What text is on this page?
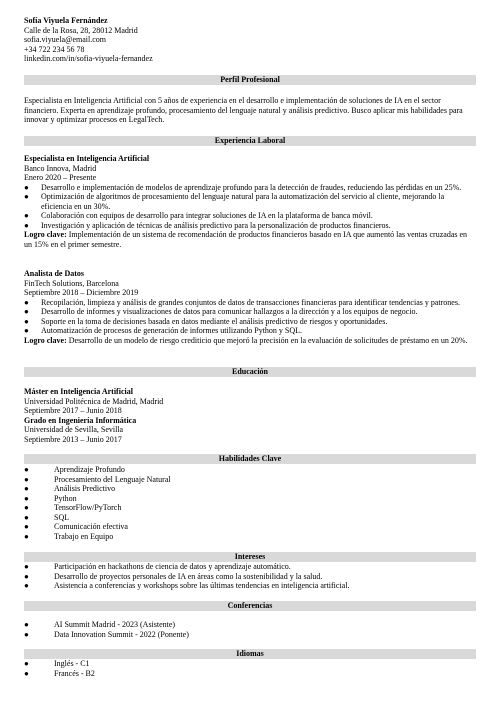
Sofía Viyuela Fernández
Calle de la Rosa, 28, 28012 Madrid
sofia.viyuela@email.com
+34 722 234 56 78
linkedin.com/in/sofia-viyuela-fernandez
Perfil Profesional

Especialista en Inteligencia Artificial con 5 años de experiencia en el desarrollo e implementación de soluciones de IA en el sector financiero. Experta en aprendizaje profundo, procesamiento del lenguaje natural y análisis predictivo. Busco aplicar mis habilidades para innovar y optimizar procesos en LegalTech.

Experiencia Laboral
Especialista en Inteligencia Artificial
Banco Innova, Madrid
Enero 2020 – Presente
● Desarrollo e implementación de modelos de aprendizaje profundo para la detección de fraudes, reduciendo las pérdidas en un 25%.
● Optimización de algoritmos de procesamiento del lenguaje natural para la automatización del servicio al cliente, mejorando la eficiencia en un 30%.
● Colaboración con equipos de desarrollo para integrar soluciones de IA en la plataforma de banca móvil.
● Investigación y aplicación de técnicas de análisis predictivo para la personalización de productos financieros.

Logro clave: Implementación de un sistema de recomendación de productos financieros basado en IA que aumentó las ventas cruzadas en un 15% en el primer semestre.

Analista de Datos
FinTech Solutions, Barcelona
Septiembre 2018 – Diciembre 2019
● Recopilación, limpieza y análisis de grandes conjuntos de datos de transacciones financieras para identificar tendencias y patrones.
● Desarrollo de informes y visualizaciones de datos para comunicar hallazgos a la dirección y a los equipos de negocio.
● Soporte en la toma de decisiones basada en datos mediante el análisis predictivo de riesgos y oportunidades.
● Automatización de procesos de generación de informes utilizando Python y SQL.

Logro clave: Desarrollo de un modelo de riesgo crediticio que mejoró la precisión en la evaluación de solicitudes de préstamo en un 20%.

Educación
Máster en Inteligencia Artificial
Universidad Politécnica de Madrid, Madrid
Septiembre 2017 – Junio 2018
Grado en Ingeniería Informática
Universidad de Sevilla, Sevilla
Septiembre 2013 – Junio 2017
Habilidades Clave
●	Aprendizaje Profundo
●	Procesamiento del Lenguaje Natural
●	Análisis Predictivo
●	Python
●	TensorFlow/PyTorch
●	SQL
●	Comunicación efectiva
●	Trabajo en Equipo
Intereses
●	Participación en hackathons de ciencia de datos y aprendizaje automático.
●	Desarrollo de proyectos personales de IA en áreas como la sostenibilidad y la salud.
●	Asistencia a conferencias y workshops sobre las últimas tendencias en inteligencia artificial.
Conferencias
●	AI Summit Madrid - 2023 (Asistente)
●	Data Innovation Summit - 2022 (Ponente)
Idiomas
●	Inglés - C1
●	Francés - B2
